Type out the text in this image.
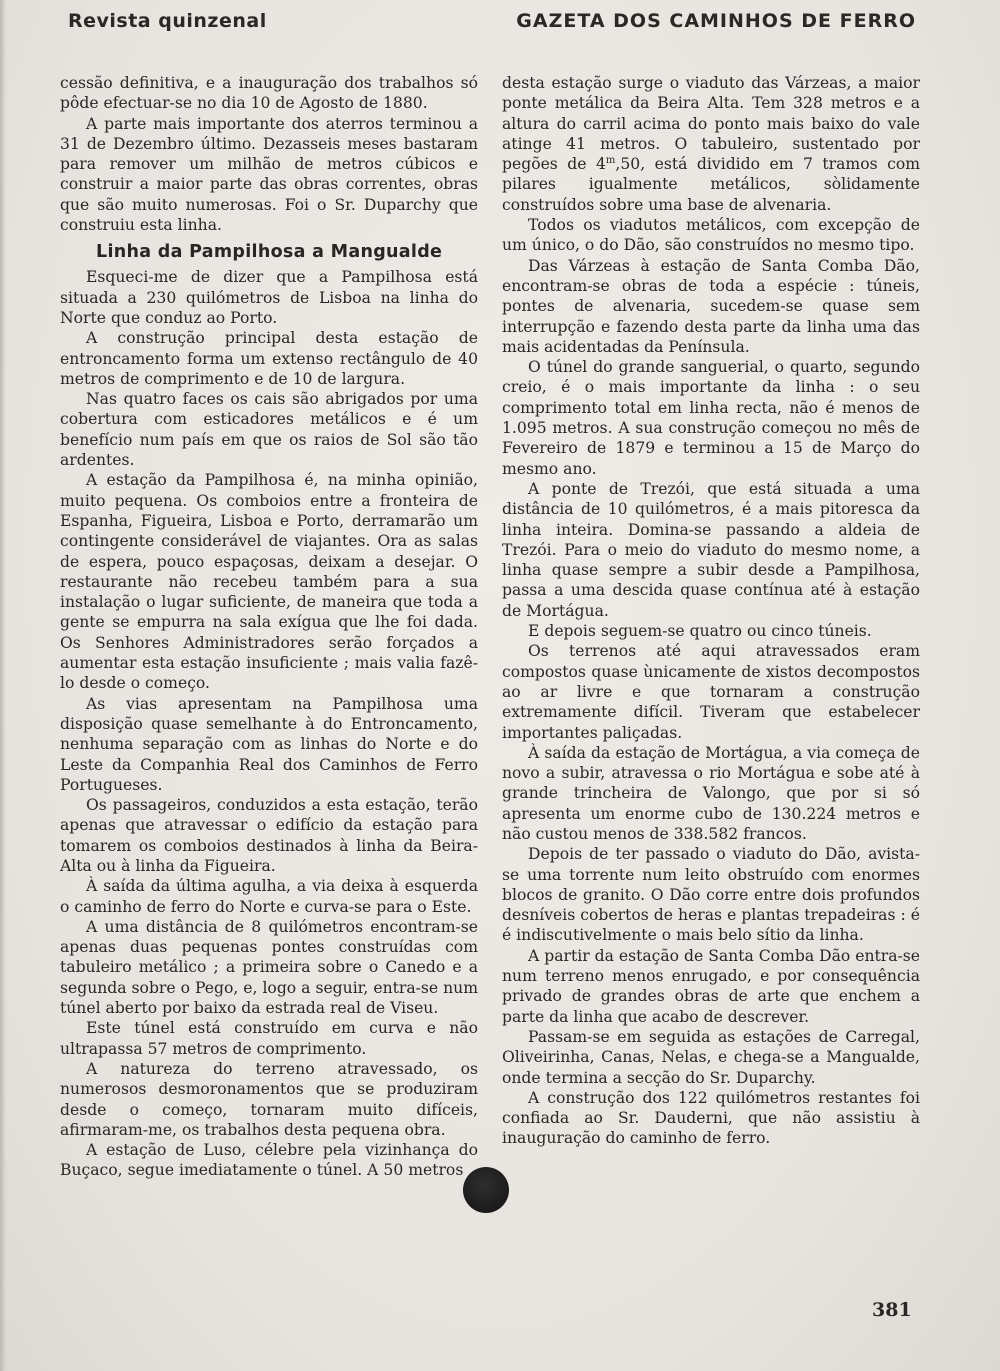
Revista quinzenal	GAZETA DOS CAMINHOS DE FERRO

cessão definitiva, e a inauguração dos trabalhos só pôde efectuar-se no dia 10 de Agosto de 1880.

A parte mais importante dos aterros terminou a 31 de Dezembro último. Dezasseis meses bastaram para remover um milhão de metros cúbicos e construir a maior parte das obras correntes, obras que são muito numerosas. Foi o Sr. Duparchy que construiu esta linha.

Linha da Pampilhosa a Mangualde

Esqueci-me de dizer que a Pampilhosa está situada a 230 quilómetros de Lisboa na linha do Norte que conduz ao Porto.

A construção principal desta estação de entroncamento forma um extenso rectângulo de 40 metros de comprimento e de 10 de largura.

Nas quatro faces os cais são abrigados por uma cobertura com esticadores metálicos e é um benefício num país em que os raios de Sol são tão ardentes.

A estação da Pampilhosa é, na minha opinião, muito pequena. Os comboios entre a fronteira de Espanha, Figueira, Lisboa e Porto, derramarão um contingente considerável de viajantes. Ora as salas de espera, pouco espaçosas, deixam a desejar. O restaurante não recebeu também para a sua instalação o lugar suficiente, de maneira que toda a gente se empurra na sala exígua que lhe foi dada. Os Senhores Administradores serão forçados a aumentar esta estação insuficiente ; mais valia fazê-lo desde o começo.

As vias apresentam na Pampilhosa uma disposição quase semelhante à do Entroncamento, nenhuma separação com as linhas do Norte e do Leste da Companhia Real dos Caminhos de Ferro Portugueses.

Os passageiros, conduzidos a esta estação, terão apenas que atravessar o edifício da estação para tomarem os comboios destinados à linha da Beira-Alta ou à linha da Figueira.

À saída da última agulha, a via deixa à esquerda o caminho de ferro do Norte e curva-se para o Este.

A uma distância de 8 quilómetros encontram-se apenas duas pequenas pontes construídas com tabuleiro metálico ; a primeira sobre o Canedo e a segunda sobre o Pego, e, logo a seguir, entra-se num túnel aberto por baixo da estrada real de Viseu.

Este túnel está construído em curva e não ultrapassa 57 metros de comprimento.

A natureza do terreno atravessado, os numerosos desmoronamentos que se produziram desde o começo, tornaram muito difíceis, afirmaram-me, os trabalhos desta pequena obra.

A estação de Luso, célebre pela vizinhança do Buçaco, segue imediatamente o túnel. A 50 metros

desta estação surge o viaduto das Várzeas, a maior ponte metálica da Beira Alta. Tem 328 metros e a altura do carril acima do ponto mais baixo do vale atinge 41 metros. O tabuleiro, sustentado por pegões de 4$^m$,50, está dividido em 7 tramos com pilares igualmente metálicos, sòlidamente construídos sobre uma base de alvenaria.

Todos os viadutos metálicos, com excepção de um único, o do Dão, são construídos no mesmo tipo.

Das Várzeas à estação de Santa Comba Dão, encontram-se obras de toda a espécie : túneis, pontes de alvenaria, sucedem-se quase sem interrupção e fazendo desta parte da linha uma das mais acidentadas da Península.

O túnel do grande sanguerial, o quarto, segundo creio, é o mais importante da linha : o seu comprimento total em linha recta, não é menos de 1.095 metros. A sua construção começou no mês de Fevereiro de 1879 e terminou a 15 de Março do mesmo ano.

A ponte de Trezói, que está situada a uma distância de 10 quilómetros, é a mais pitoresca da linha inteira. Domina-se passando a aldeia de Trezói. Para o meio do viaduto do mesmo nome, a linha quase sempre a subir desde a Pampilhosa, passa a uma descida quase contínua até à estação de Mortágua.

E depois seguem-se quatro ou cinco túneis.

Os terrenos até aqui atravessados eram compostos quase ùnicamente de xistos decompostos ao ar livre e que tornaram a construção extremamente difícil. Tiveram que estabelecer importantes paliçadas.

À saída da estação de Mortágua, a via começa de novo a subir, atravessa o rio Mortágua e sobe até à grande trincheira de Valongo, que por si só apresenta um enorme cubo de 130.224 metros e não custou menos de 338.582 francos.

Depois de ter passado o viaduto do Dão, avista-se uma torrente num leito obstruído com enormes blocos de granito. O Dão corre entre dois profundos desníveis cobertos de heras e plantas trepadeiras : é é indiscutivelmente o mais belo sítio da linha.

A partir da estação de Santa Comba Dão entra-se num terreno menos enrugado, e por consequência privado de grandes obras de arte que enchem a parte da linha que acabo de descrever.

Passam-se em seguida as estações de Carregal, Oliveirinha, Canas, Nelas, e chega-se a Mangualde, onde termina a secção do Sr. Duparchy.

A construção dos 122 quilómetros restantes foi confiada ao Sr. Dauderni, que não assistiu à inauguração do caminho de ferro.

381
